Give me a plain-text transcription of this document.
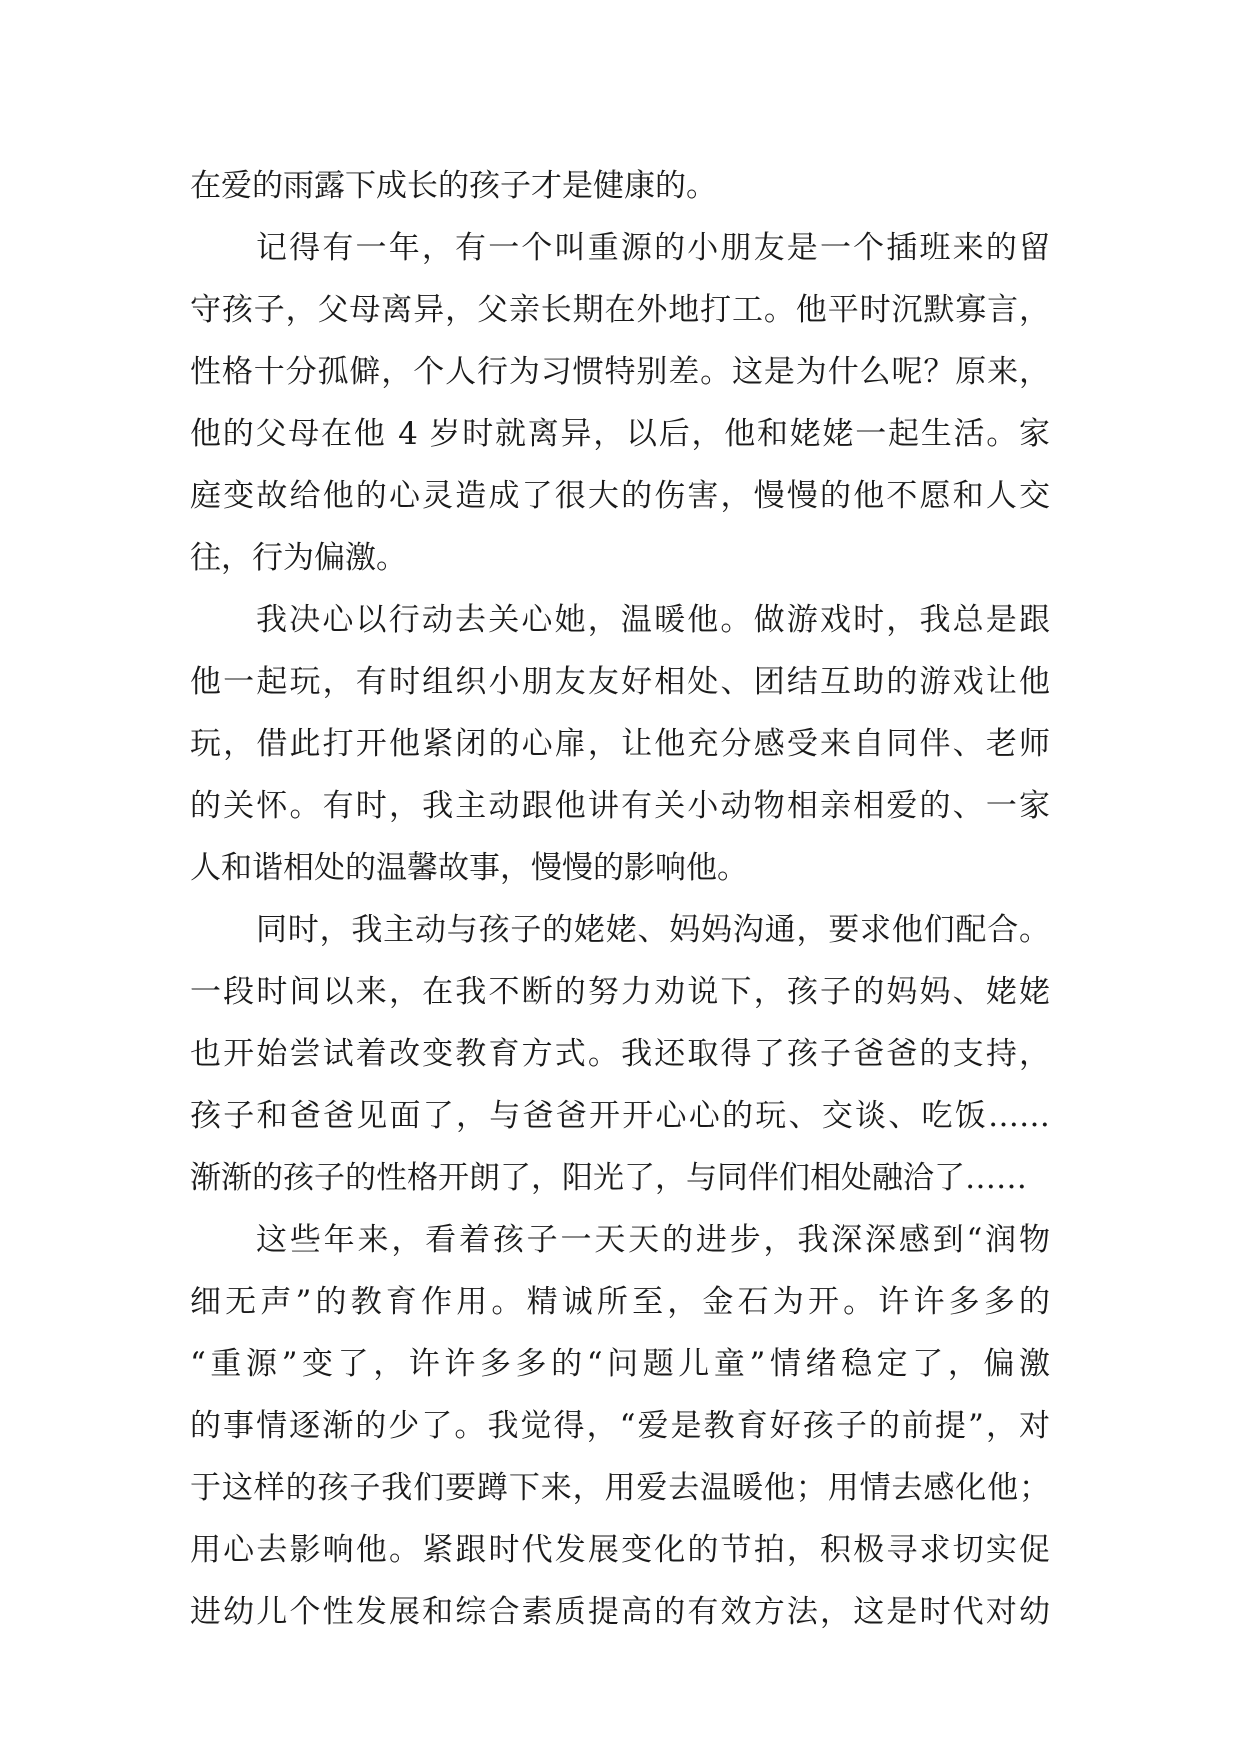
在爱的雨露下成长的孩子才是健康的。
记得有一年，有一个叫重源的小朋友是一个插班来的留
守孩子，父母离异，父亲长期在外地打工。他平时沉默寡言，
性格十分孤僻，个人行为习惯特别差。这是为什么呢？原来，
他的父母在他 4 岁时就离异，以后，他和姥姥一起生活。家
庭变故给他的心灵造成了很大的伤害，慢慢的他不愿和人交
往，行为偏激。
我决心以行动去关心她，温暖他。做游戏时，我总是跟
他一起玩，有时组织小朋友友好相处、团结互助的游戏让他
玩，借此打开他紧闭的心扉，让他充分感受来自同伴、老师
的关怀。有时，我主动跟他讲有关小动物相亲相爱的、一家
人和谐相处的温馨故事，慢慢的影响他。
同时，我主动与孩子的姥姥、妈妈沟通，要求他们配合。
一段时间以来，在我不断的努力劝说下，孩子的妈妈、姥姥
也开始尝试着改变教育方式。我还取得了孩子爸爸的支持，
孩子和爸爸见面了，与爸爸开开心心的玩、交谈、吃饭……
渐渐的孩子的性格开朗了，阳光了，与同伴们相处融洽了……
这些年来，看着孩子一天天的进步，我深深感到“润物
细无声”的教育作用。精诚所至，金石为开。许许多多的
“重源”变了，许许多多的“问题儿童”情绪稳定了，偏激
的事情逐渐的少了。我觉得，“爱是教育好孩子的前提”，对
于这样的孩子我们要蹲下来，用爱去温暖他；用情去感化他；
用心去影响他。紧跟时代发展变化的节拍，积极寻求切实促
进幼儿个性发展和综合素质提高的有效方法，这是时代对幼
